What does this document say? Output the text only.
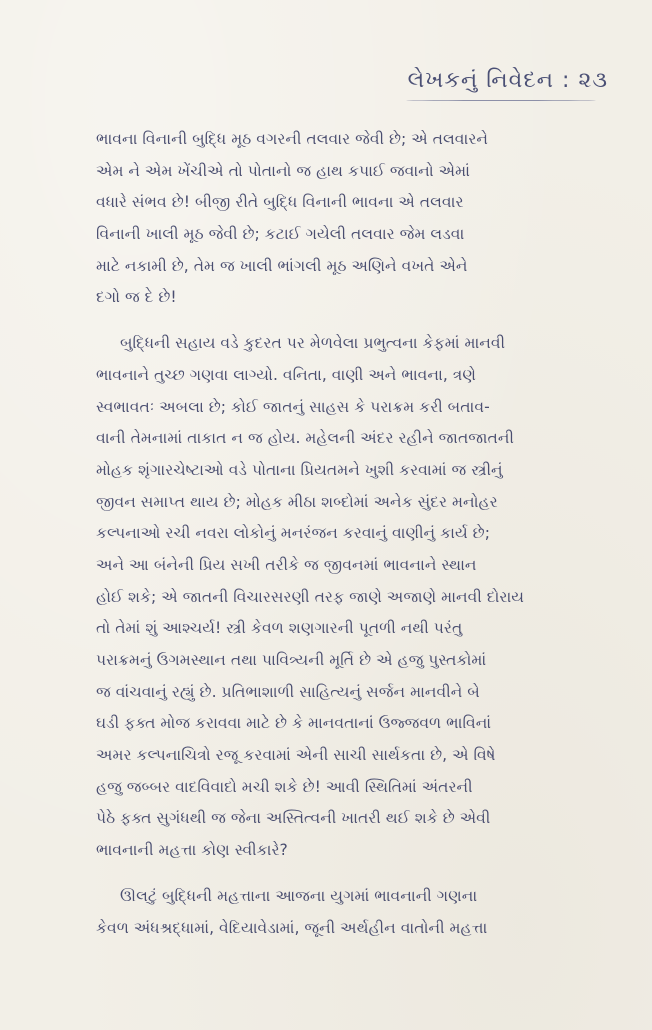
લેખકનું નિવેદન : ૨૩
ભાવના વિનાની બુદ્ધિ મૂઠ વગરની તલવાર જેવી છે; એ તલવારને
એમ ને એમ ખેંચીએ તો પોતાનો જ હાથ કપાઈ જવાનો એમાં
વધારે સંભવ છે! બીજી રીતે બુદ્ધિ વિનાની ભાવના એ તલવાર
વિનાની ખાલી મૂઠ જેવી છે; કટાઈ ગયેલી તલવાર જેમ લડવા
માટે નકામી છે, તેમ જ ખાલી ભાંગલી મૂઠ અણિને વખતે એને
દગો જ દે છે!
બુદ્ધિની સહાય વડે કુદરત પર મેળવેલા પ્રભુત્વના કેફમાં માનવી
ભાવનાને તુચ્છ ગણવા લાગ્યો. વનિતા, વાણી અને ભાવના, ત્રણે
સ્વભાવતઃ અબલા છે; કોઈ જાતનું સાહસ કે પરાક્રમ કરી બતાવ-
વાની તેમનામાં તાકાત ન જ હોય. મહેલની અંદર રહીને જાતજાતની
મોહક શૃંગારચેષ્ટાઓ વડે પોતાના પ્રિયતમને ખુશી કરવામાં જ સ્ત્રીનું
જીવન સમાપ્ત થાય છે; મોહક મીઠા શબ્દોમાં અનેક સુંદર મનોહર
કલ્પનાઓ રચી નવરા લોકોનું મનરંજન કરવાનું વાણીનું કાર્ય છે;
અને આ બંનેની પ્રિય સખી તરીકે જ જીવનમાં ભાવનાને સ્થાન
હોઈ શકે; એ જાતની વિચારસરણી તરફ જાણે અજાણે માનવી દોરાય
તો તેમાં શું આશ્ચર્ય! સ્ત્રી કેવળ શણગારની પૂતળી નથી પરંતુ
પરાક્રમનું ઉગમસ્થાન તથા પાવિત્ર્યની મૂર્તિ છે એ હજુ પુસ્તકોમાં
જ વાંચવાનું રહ્યું છે. પ્રતિભાશાળી સાહિત્યનું સર્જન માનવીને બે
ઘડી ફક્ત મોજ કરાવવા માટે છે કે માનવતાનાં ઉજ્જવળ ભાવિનાં
અમર કલ્પનાચિત્રો રજૂ કરવામાં એની સાચી સાર્થકતા છે, એ વિષે
હજુ જબ્બર વાદવિવાદો મચી શકે છે! આવી સ્થિતિમાં અંતરની
પેઠે ફક્ત સુગંધથી જ જેના અસ્તિત્વની ખાતરી થઈ શકે છે એવી
ભાવનાની મહત્તા કોણ સ્વીકારે?
ઊલટું બુદ્ધિની મહત્તાના આજના યુગમાં ભાવનાની ગણના
કેવળ અંધશ્રદ્ધામાં, વેદિયાવેડામાં, જૂની અર્થહીન વાતોની મહત્તા
